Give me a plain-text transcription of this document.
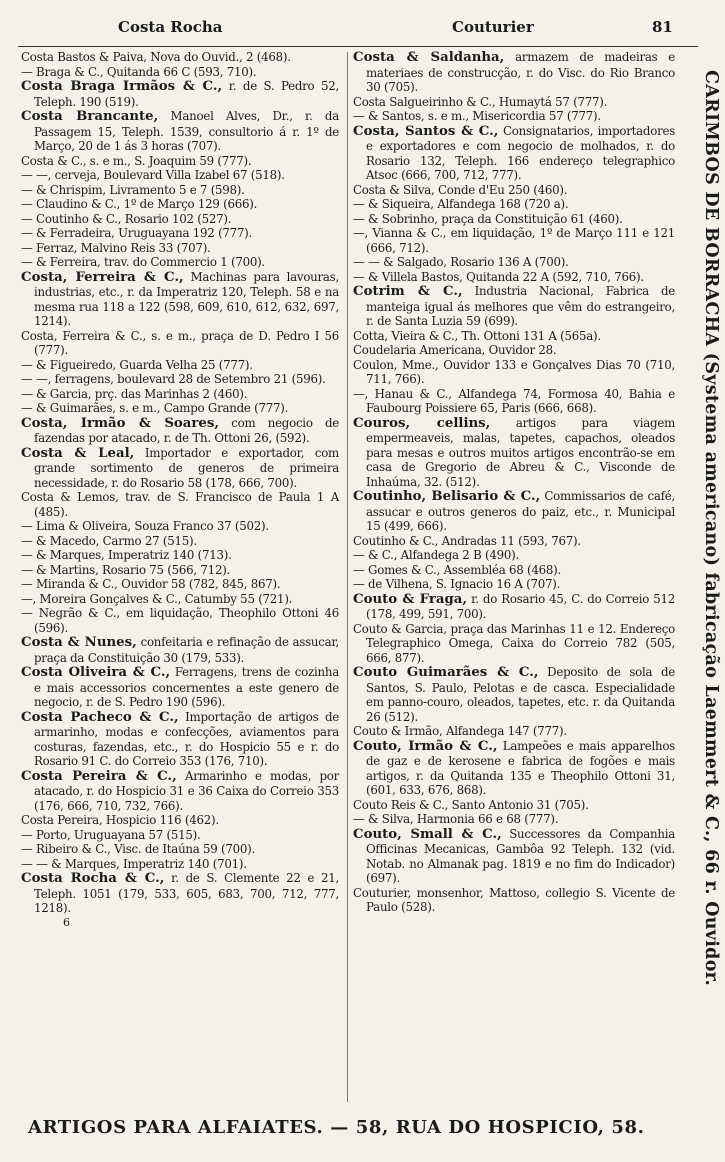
Costa Rocha	Couturier	81

Costa Bastos & Paiva, Nova do Ouvid., 2 (468).

— Braga & C., Quitanda 66 C (593, 710).

Costa Braga Irmãos & C., r. de S. Pedro 52, Teleph. 190 (519).

Costa Brancante, Manoel Alves, Dr., r. da Passagem 15, Teleph. 1539, consultorio á r. 1º de Março, 20 de 1 ás 3 horas (707).

Costa & C., s. e m., S. Joaquim 59 (777).

— —, cerveja, Boulevard Villa Izabel 67 (518).

— & Chrispim, Livramento 5 e 7 (598).

— Claudino & C., 1º de Março 129 (666).

— Coutinho & C., Rosario 102 (527).

— & Ferradeira, Uruguayana 192 (777).

— Ferraz, Malvino Reis 33 (707).

— & Ferreira, trav. do Commercio 1 (700).

Costa, Ferreira & C., Machinas para lavouras, industrias, etc., r. da Imperatriz 120, Teleph. 58 e na mesma rua 118 a 122 (598, 609, 610, 612, 632, 697, 1214).

Costa, Ferreira & C., s. e m., praça de D. Pedro I 56 (777).

— & Figueiredo, Guarda Velha 25 (777).

— —, ferragens, boulevard 28 de Setembro 21 (596).

— & Garcia, prç. das Marinhas 2 (460).

— & Guimarães, s. e m., Campo Grande (777).

Costa, Irmão & Soares, com negocio de fazendas por atacado, r. de Th. Ottoni 26, (592).

Costa & Leal, Importador e exportador, com grande sortimento de generos de primeira necessidade, r. do Rosario 58 (178, 666, 700).

Costa & Lemos, trav. de S. Francisco de Paula 1 A (485).

— Lima & Oliveira, Souza Franco 37 (502).

— & Macedo, Carmo 27 (515).

— & Marques, Imperatriz 140 (713).

— & Martins, Rosario 75 (566, 712).

— Miranda & C., Ouvidor 58 (782, 845, 867).

—, Moreira Gonçalves & C., Catumby 55 (721).

— Negrão & C., em liquidação, Theophilo Ottoni 46 (596).

Costa & Nunes, confeitaria e refinação de assucar, praça da Constituição 30 (179, 533).

Costa Oliveira & C., Ferragens, trens de cozinha e mais accessorios concernentes a este genero de negocio, r. de S. Pedro 190 (596).

Costa Pacheco & C., Importação de artigos de armarinho, modas e confecções, aviamentos para costuras, fazendas, etc., r. do Hospicio 55 e r. do Rosario 91 C. do Correio 353 (176, 710).

Costa Pereira & C., Armarinho e modas, por atacado, r. do Hospicio 31 e 36 Caixa do Correio 353 (176, 666, 710, 732, 766).

Costa Pereira, Hospicio 116 (462).

— Porto, Uruguayana 57 (515).

— Ribeiro & C., Visc. de Itaúna 59 (700).

— — & Marques, Imperatriz 140 (701).

Costa Rocha & C., r. de S. Clemente 22 e 21, Teleph. 1051 (179, 533, 605, 683, 700, 712, 777, 1218).

6

Costa & Saldanha, armazem de madeiras e materiaes de construcção, r. do Visc. do Rio Branco 30 (705).

Costa Salgueirinho & C., Humaytá 57 (777).

— & Santos, s. e m., Misericordia 57 (777).

Costa, Santos & C., Consignatarios, importadores e exportadores e com negocio de molhados, r. do Rosario 132, Teleph. 166 endereço telegraphico Atsoc (666, 700, 712, 777).

Costa & Silva, Conde d'Eu 250 (460).

— & Siqueira, Alfandega 168 (720 a).

— & Sobrinho, praça da Constituição 61 (460).

—, Vianna & C., em liquidação, 1º de Março 111 e 121 (666, 712).

— — & Salgado, Rosario 136 A (700).

— & Villela Bastos, Quitanda 22 A (592, 710, 766).

Cotrim & C., Industria Nacional, Fabrica de manteiga igual ás melhores que vêm do estrangeiro, r. de Santa Luzia 59 (699).

Cotta, Vieira & C., Th. Ottoni 131 A (565a).

Coudelaria Americana, Ouvidor 28.

Coulon, Mme., Ouvidor 133 e Gonçalves Dias 70 (710, 711, 766).

—, Hanau & C., Alfandega 74, Formosa 40, Bahia e Faubourg Poissiere 65, Paris (666, 668).

Couros, cellins, artigos para viagem empermeaveis, malas, tapetes, capachos, oleados para mesas e outros muitos artigos encontrão-se em casa de Gregorio de Abreu & C., Visconde de Inhaúma, 32. (512).

Coutinho, Belisario & C., Commissarios de café, assucar e outros generos do paiz, etc., r. Municipal 15 (499, 666).

Coutinho & C., Andradas 11 (593, 767).

— & C., Alfandega 2 B (490).

— Gomes & C., Assembléa 68 (468).

— de Vilhena, S. Ignacio 16 A (707).

Couto & Fraga, r. do Rosario 45, C. do Correio 512 (178, 499, 591, 700).

Couto & Garcia, praça das Marinhas 11 e 12. Endereço Telegraphico Omega, Caixa do Correio 782 (505, 666, 877).

Couto Guimarães & C., Deposito de sola de Santos, S. Paulo, Pelotas e de casca. Especialidade em panno-couro, oleados, tapetes, etc. r. da Quitanda 26 (512).

Couto & Irmão, Alfandega 147 (777).

Couto, Irmão & C., Lampeões e mais apparelhos de gaz e de kerosene e fabrica de fogões e mais artigos, r. da Quitanda 135 e Theophilo Ottoni 31, (601, 633, 676, 868).

Couto Reis & C., Santo Antonio 31 (705).

— & Silva, Harmonia 66 e 68 (777).

Couto, Small & C., Successores da Companhia Officinas Mecanicas, Gambôa 92 Teleph. 132 (vid. Notab. no Almanak pag. 1819 e no fim do Indicador) (697).

Couturier, monsenhor, Mattoso, collegio S. Vicente de Paulo (528).	CARIMBOS DE BORRACHA (Systema americano) fabricação Laemmert & C., 66 r. Ouvidor.
ARTIGOS PARA ALFAIATES. — 58, RUA DO HOSPICIO, 58.
